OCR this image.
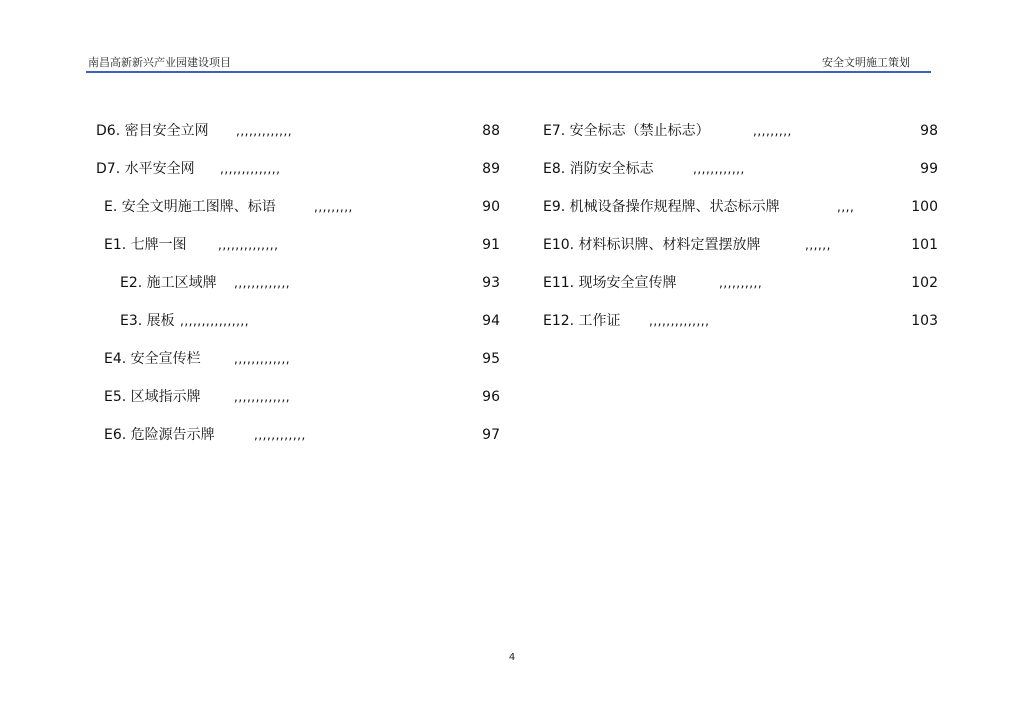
南昌高新新兴产业园建设项目	安全文明施工策划
D6. 密目安全立网 ,,,,,,,,,,,,,	88
D7. 水平安全网 ,,,,,,,,,,,,,,	89
E. 安全文明施工图牌、标语	,,,,,,,,,	90
E1. 七牌一图	,,,,,,,,,,,,,,	91
E2. 施工区域牌 ,,,,,,,,,,,,,	93
E3. 展板 ,,,,,,,,,,,,,,,,	94
E4. 安全宣传栏	,,,,,,,,,,,,,	95
E5. 区域指示牌	,,,,,,,,,,,,,	96
E6. 危险源告示牌	,,,,,,,,,,,,	97
E7. 安全标志（禁止标志）	,,,,,,,,,	98
E8. 消防安全标志	,,,,,,,,,,,,	99
E9. 机械设备操作规程牌、状态标示牌	,,,,	100
E10. 材料标识牌、材料定置摆放牌	,,,,,,	101
E11. 现场安全宣传牌	,,,,,,,,,,	102
E12. 工作证 ,,,,,,,,,,,,,,	103
4
